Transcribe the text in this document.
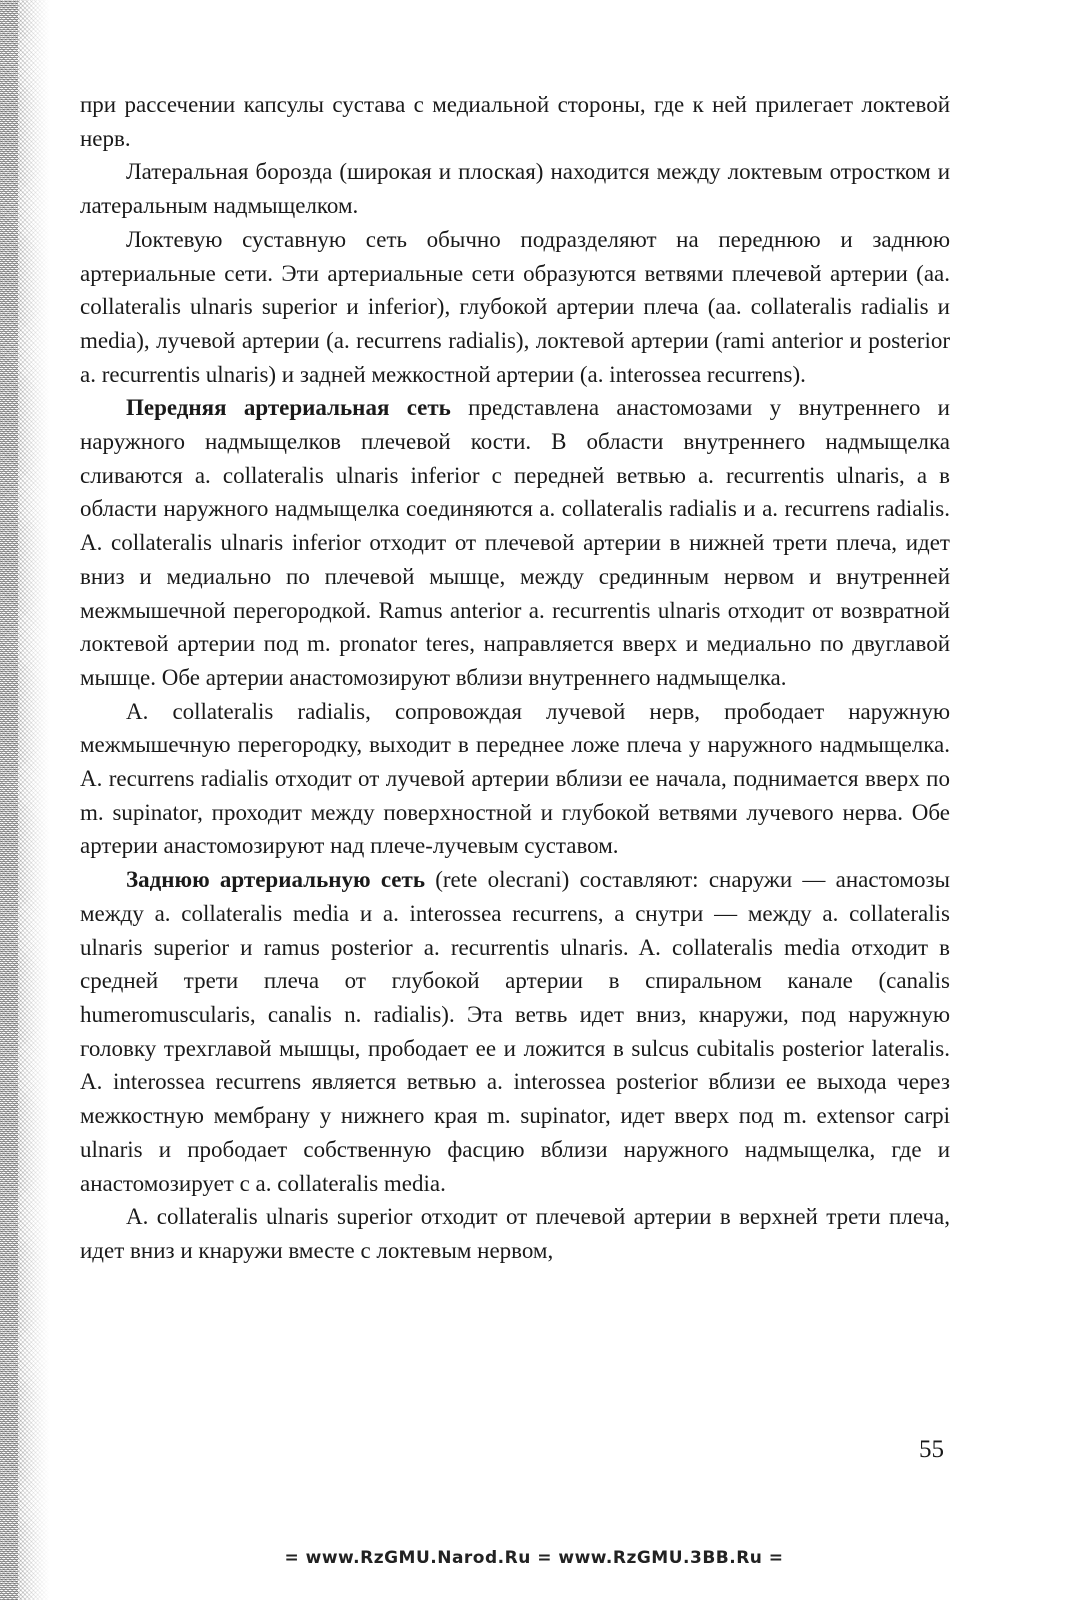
при рассечении капсулы сустава с медиальной стороны, где к ней прилегает локтевой нерв.

Латеральная борозда (широкая и плоская) находится между локтевым отростком и латеральным надмыщелком.

Локтевую суставную сеть обычно подразделяют на переднюю и заднюю артериальные сети. Эти артериальные сети образуются ветвями плечевой артерии (aa. collateralis ulnaris superior и inferior), глубокой артерии плеча (aa. collateralis radialis и media), лучевой артерии (a. recurrens radialis), локтевой артерии (rami anterior и posterior a. recurrentis ulnaris) и задней межкостной артерии (a. interossea recurrens).

Передняя артериальная сеть представлена анастомозами у внутреннего и наружного надмыщелков плечевой кости. В области внутреннего надмыщелка сливаются a. collateralis ulnaris inferior с передней ветвью a. recurrentis ulnaris, а в области наружного надмыщелка соединяются a. collateralis radialis и a. recurrens radialis. A. collateralis ulnaris inferior отходит от плечевой артерии в нижней трети плеча, идет вниз и медиально по плечевой мышце, между срединным нервом и внутренней межмышечной перегородкой. Ramus anterior a. recurrentis ulnaris отходит от возвратной локтевой артерии под m. pronator teres, направляется вверх и медиально по двуглавой мышце. Обе артерии анастомозируют вблизи внутреннего надмыщелка.

A. collateralis radialis, сопровождая лучевой нерв, прободает наружную межмышечную перегородку, выходит в переднее ложе плеча у наружного надмыщелка. A. recurrens radialis отходит от лучевой артерии вблизи ее начала, поднимается вверх по m. supinator, проходит между поверхностной и глубокой ветвями лучевого нерва. Обе артерии анастомозируют над плече-лучевым суставом.

Заднюю артериальную сеть (rete olecrani) составляют: снаружи — анастомозы между a. collateralis media и a. interossea recurrens, а снутри — между a. collateralis ulnaris superior и ramus posterior a. recurrentis ulnaris. A. collateralis media отходит в средней трети плеча от глубокой артерии в спиральном канале (canalis humeromuscularis, canalis n. radialis). Эта ветвь идет вниз, кнаружи, под наружную головку трехглавой мышцы, прободает ее и ложится в sulcus cubitalis posterior lateralis. A. interossea recurrens является ветвью a. interossea posterior вблизи ее выхода через межкостную мембрану у нижнего края m. supinator, идет вверх под m. extensor carpi ulnaris и прободает собственную фасцию вблизи наружного надмыщелка, где и анастомозирует с a. collateralis media.

A. collateralis ulnaris superior отходит от плечевой артерии в верхней трети плеча, идет вниз и кнаружи вместе с локтевым нервом,

55
= www.RzGMU.Narod.Ru = www.RzGMU.3BB.Ru =
